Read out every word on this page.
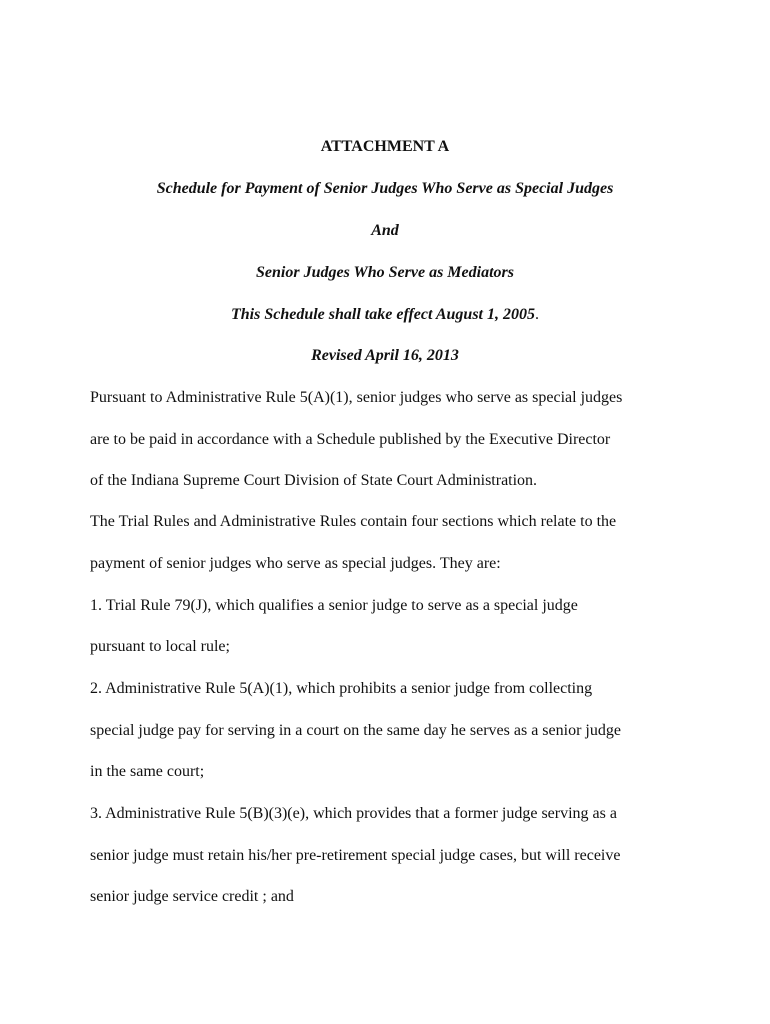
ATTACHMENT A
Schedule for Payment of Senior Judges Who Serve as Special Judges
And
Senior Judges Who Serve as Mediators
This Schedule shall take effect August 1, 2005.
Revised April 16, 2013
Pursuant to Administrative Rule 5(A)(1), senior judges who serve as special judges
are to be paid in accordance with a Schedule published by the Executive Director
of the Indiana Supreme Court Division of State Court Administration.
The Trial Rules and Administrative Rules contain four sections which relate to the
payment of senior judges who serve as special judges. They are:
1. Trial Rule 79(J), which qualifies a senior judge to serve as a special judge
pursuant to local rule;
2. Administrative Rule 5(A)(1), which prohibits a senior judge from collecting
special judge pay for serving in a court on the same day he serves as a senior judge
in the same court;
3. Administrative Rule 5(B)(3)(e), which provides that a former judge serving as a
senior judge must retain his/her pre-retirement special judge cases, but will receive
senior judge service credit ; and
